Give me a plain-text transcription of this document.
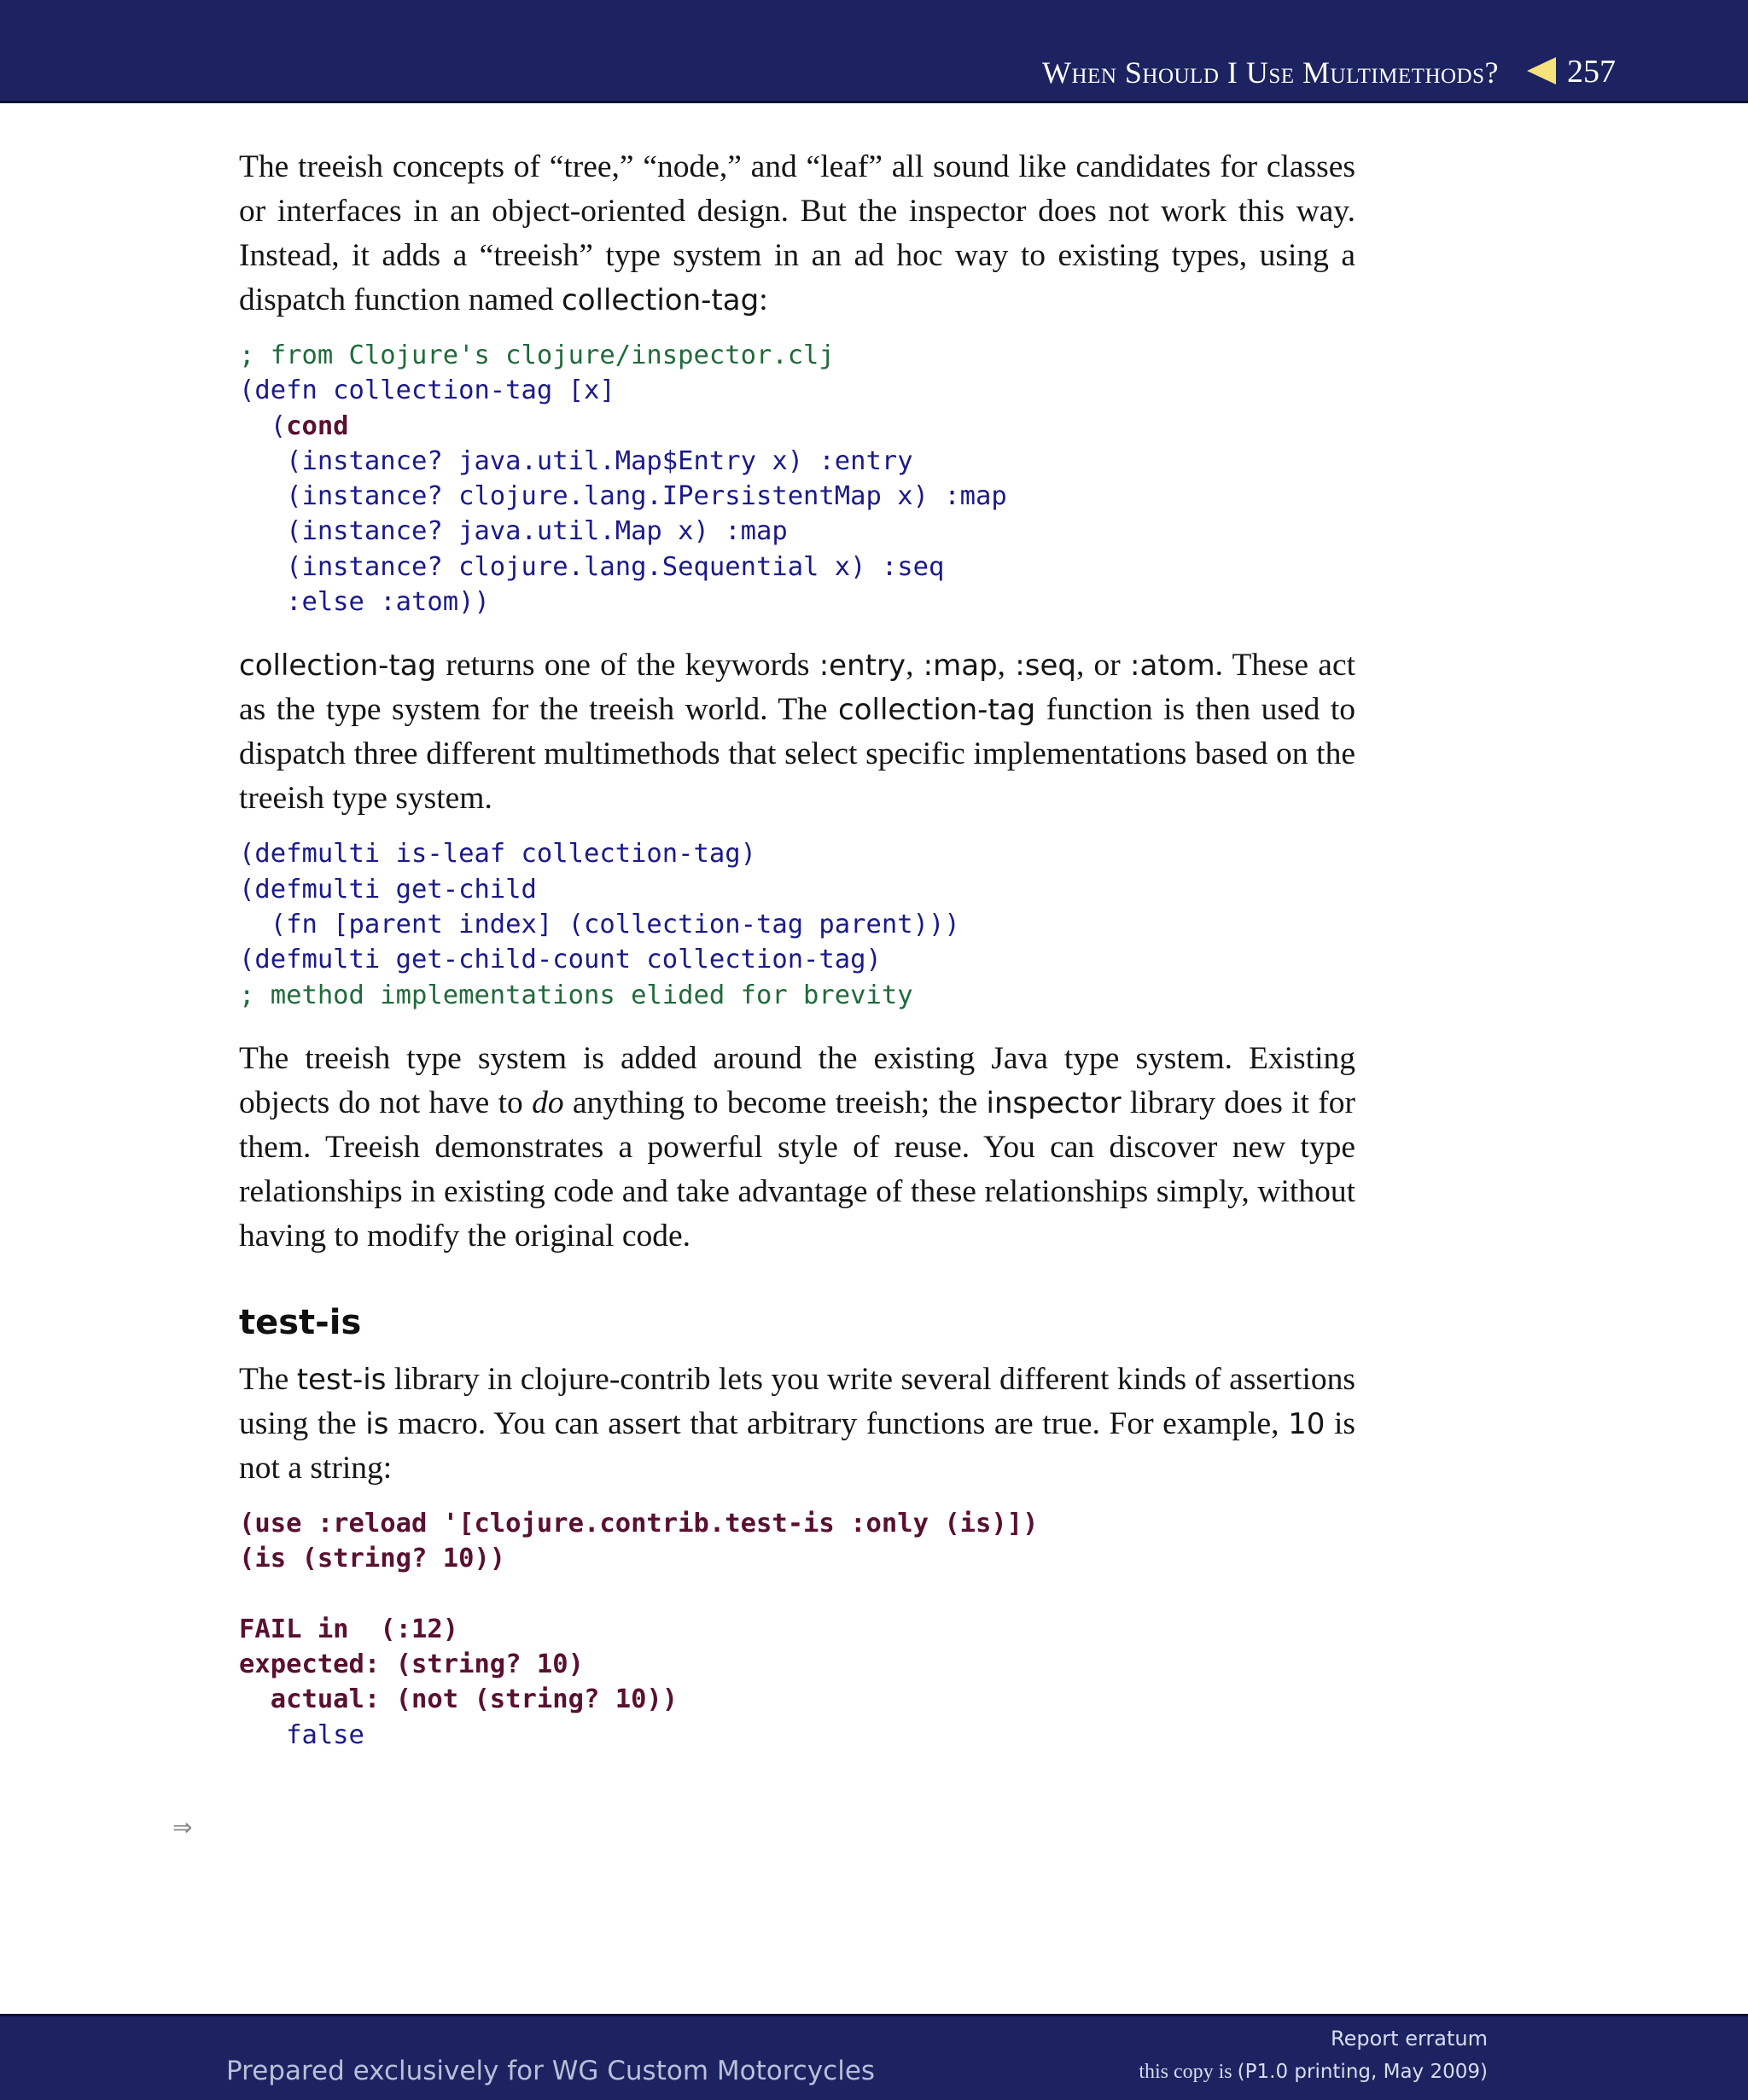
When Should I Use Multimethods? 257

The treeish concepts of “tree,” “node,” and “leaf” all sound like candidates for classes or interfaces in an object-oriented design. But the inspector does not work this way. Instead, it adds a “treeish” type system in an ad hoc way to existing types, using a dispatch function named collection-tag:

; from Clojure's clojure/inspector.clj
(defn collection-tag [x]
(cond
(instance? java.util.Map$Entry x) :entry
(instance? clojure.lang.IPersistentMap x) :map
(instance? java.util.Map x) :map
(instance? clojure.lang.Sequential x) :seq
:else :atom))

collection-tag returns one of the keywords :entry, :map, :seq, or :atom. These act as the type system for the treeish world. The collection-tag function is then used to dispatch three different multimethods that select specific implementations based on the treeish type system.

(defmulti is-leaf collection-tag)
(defmulti get-child
(fn [parent index] (collection-tag parent)))
(defmulti get-child-count collection-tag)
; method implementations elided for brevity

The treeish type system is added around the existing Java type system. Existing objects do not have to do anything to become treeish; the inspector library does it for them. Treeish demonstrates a powerful style of reuse. You can discover new type relationships in existing code and take advantage of these relationships simply, without having to modify the original code.

test-is

The test-is library in clojure-contrib lets you write several different kinds of assertions using the is macro. You can assert that arbitrary functions are true. For example, 10 is not a string:

(use :reload '[clojure.contrib.test-is :only (is)])
(is (string? 10))

FAIL in  (:12)
expected: (string? 10)
actual: (not (string? 10))
false
⇒
Prepared exclusively for WG Custom Motorcycles
Report erratum
this copy is (P1.0 printing, May 2009)
